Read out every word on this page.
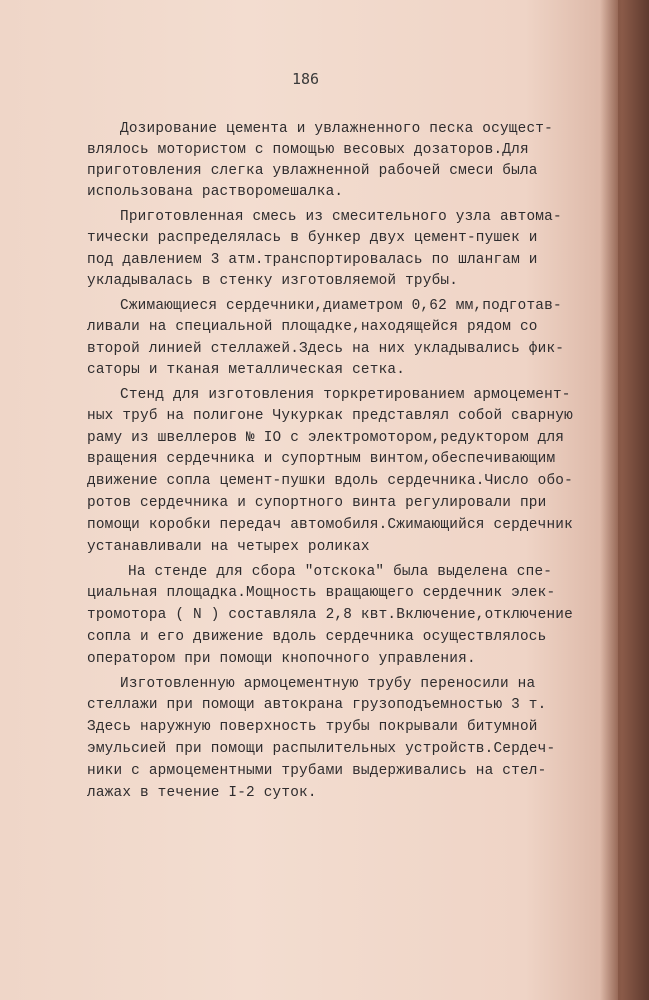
186
Дозирование цемента и увлажненного песка осущест-
влялось мотористом с помощью весовых дозаторов.Для
приготовления слегка увлажненной рабочей смеси была
использована растворомешалка.
Приготовленная смесь из смесительного узла автома-
тически распределялась в бункер двух цемент-пушек и
под давлением 3 атм.транспортировалась по шлангам и
укладывалась в стенку изготовляемой трубы.
Сжимающиеся сердечники,диаметром 0,62 мм,подготав-
ливали на специальной площадке,находящейся рядом со
второй линией стеллажей.Здесь на них укладывались фик-
саторы и тканая металлическая сетка.
Стенд для изготовления торкретированием армоцемент-
ных труб на полигоне Чукуркак представлял собой сварную
раму из швеллеров № IO с электромотором,редуктором для
вращения сердечника и супортным винтом,обеспечивающим
движение сопла цемент-пушки вдоль сердечника.Число обо-
ротов сердечника и супортного винта регулировали при
помощи коробки передач автомобиля.Сжимающийся сердечник
устанавливали на четырех роликах
На стенде для сбора "отскока" была выделена спе-
циальная площадка.Мощность вращающего сердечник элек-
тромотора ( N ) составляла 2,8 квт.Включение,отключение
сопла и его движение вдоль сердечника осуществлялось
оператором при помощи кнопочного управления.
Изготовленную армоцементную трубу переносили на
стеллажи при помощи автокрана грузоподъемностью 3 т.
Здесь наружную поверхность трубы покрывали битумной
эмульсией при помощи распылительных устройств.Сердеч-
ники с армоцементными трубами выдерживались на стел-
лажах в течение I-2 суток.
